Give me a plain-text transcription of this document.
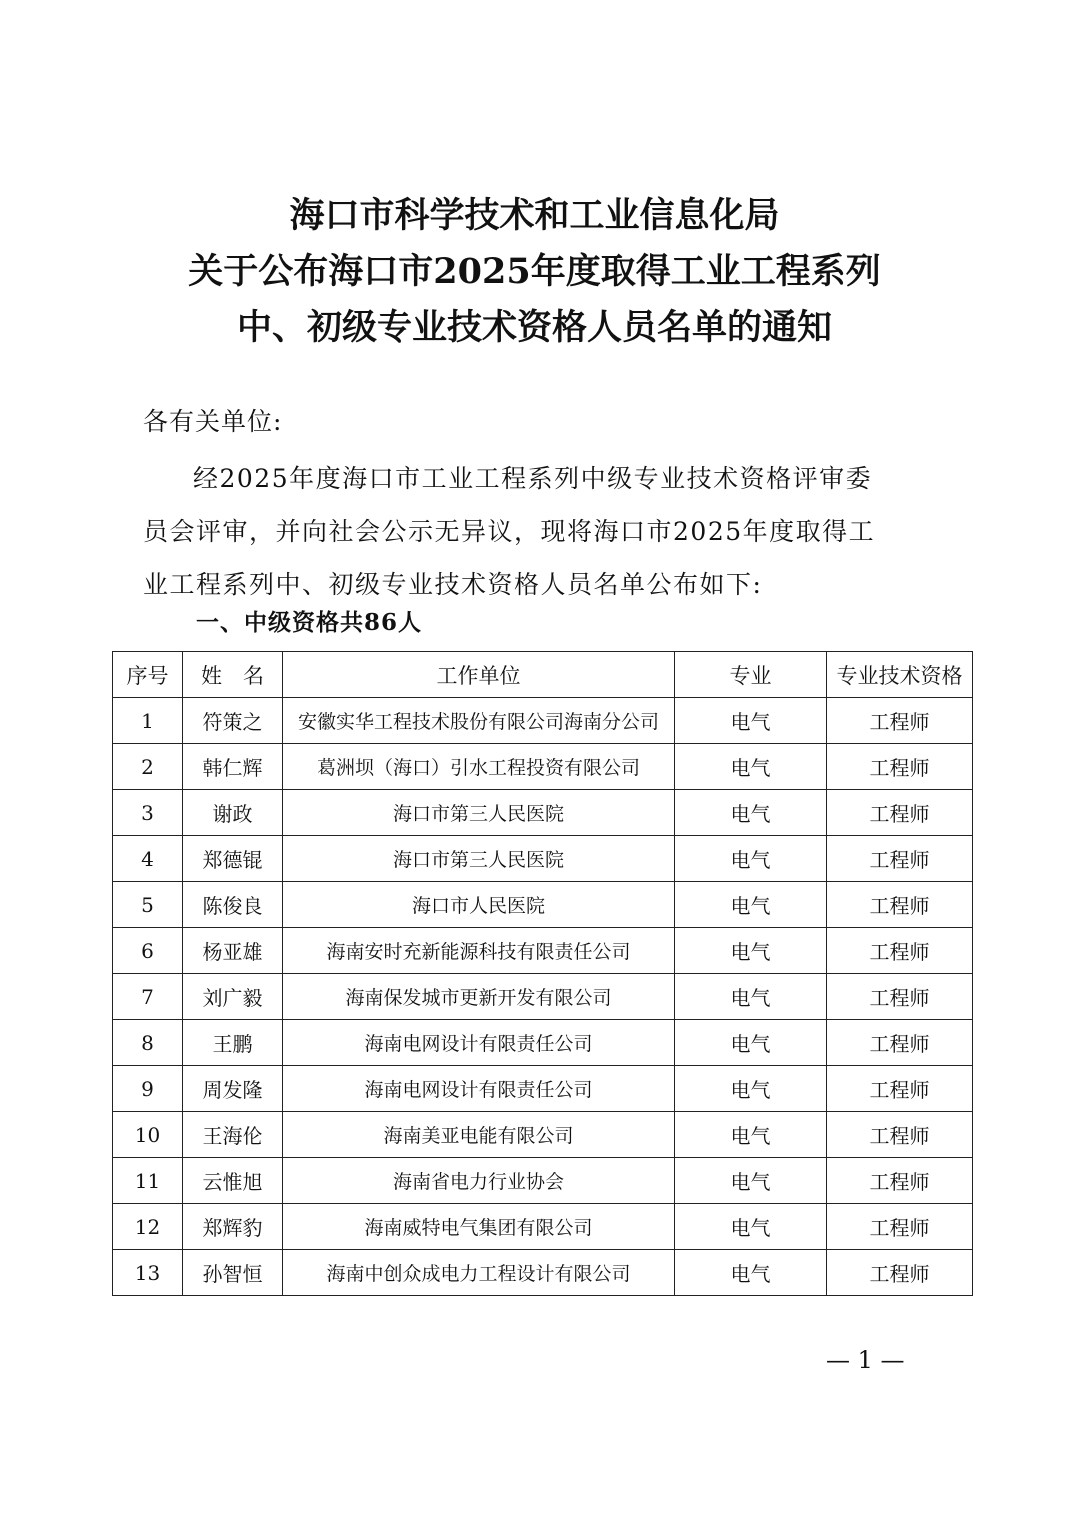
海口市科学技术和工业信息化局
关于公布海口市2025年度取得工业工程系列
中、初级专业技术资格人员名单的通知
各有关单位:
经2025年度海口市工业工程系列中级专业技术资格评审委
员会评审，并向社会公示无异议，现将海口市2025年度取得工
业工程系列中、初级专业技术资格人员名单公布如下:
一、中级资格共86人
序号	姓　名	工作单位	专业	专业技术资格
1	符策之	安徽实华工程技术股份有限公司海南分公司	电气	工程师
2	韩仁辉	葛洲坝（海口）引水工程投资有限公司	电气	工程师
3	谢政	海口市第三人民医院	电气	工程师
4	郑德锟	海口市第三人民医院	电气	工程师
5	陈俊良	海口市人民医院	电气	工程师
6	杨亚雄	海南安时充新能源科技有限责任公司	电气	工程师
7	刘广毅	海南保发城市更新开发有限公司	电气	工程师
8	王鹏	海南电网设计有限责任公司	电气	工程师
9	周发隆	海南电网设计有限责任公司	电气	工程师
10	王海伦	海南美亚电能有限公司	电气	工程师
11	云惟旭	海南省电力行业协会	电气	工程师
12	郑辉豹	海南威特电气集团有限公司	电气	工程师
13	孙智恒	海南中创众成电力工程设计有限公司	电气	工程师
— 1 —
